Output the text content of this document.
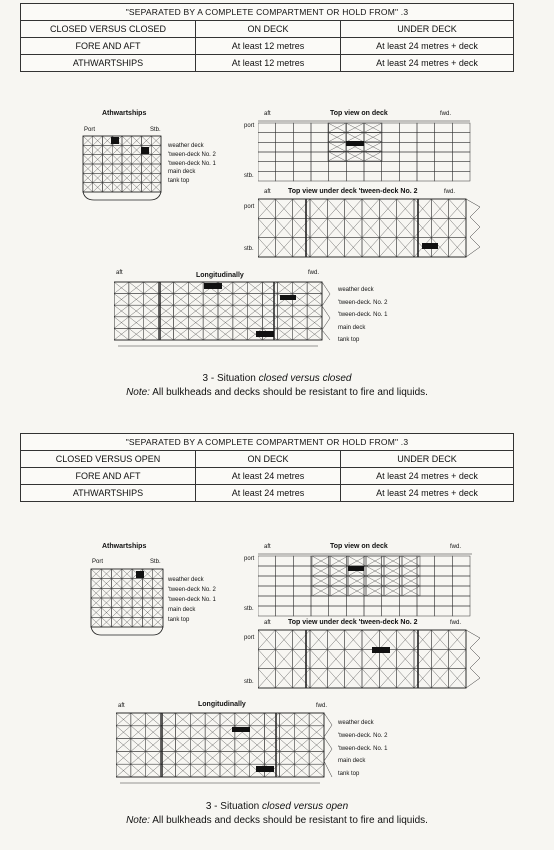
"SEPARATED BY A COMPLETE COMPARTMENT OR HOLD FROM" .3		
CLOSED VERSUS CLOSED	ON DECK	UNDER DECK
FORE AND AFT	At least 12 metres	At least 24 metres + deck
ATHWARTSHIPS	At least 12 metres	At least 24 metres + deck
Athwartships
Port	Stb.
weather deck
'tween-deck No. 2
'tween-deck No. 1
main deck
tank top
aft	Top view on deck	fwd.
port
stb.
aft Top view under deck 'tween-deck No. 2	fwd.
port
stb.
aft	Longitudinally	fwd.
weather deck
'tween-deck. No. 2
'tween-deck. No. 1
main deck
tank top
3 - Situation closed versus closed
Note: All bulkheads and decks should be resistant to fire and liquids.
"SEPARATED BY A COMPLETE COMPARTMENT OR HOLD FROM" .3		
CLOSED VERSUS OPEN	ON DECK	UNDER DECK
FORE AND AFT	At least 24 metres	At least 24 metres + deck
ATHWARTSHIPS	At least 24 metres	At least 24 metres + deck
Athwartships
Port	Stb.
weather deck
'tween-deck No. 2
'tween-deck No. 1
main deck
tank top
aft	Top view on deck	fwd.
port
stb.
aft Top view under deck 'tween-deck No. 2	fwd.
port
stb.
aft	Longitudinally	fwd.
weather deck
'tween-deck. No. 2
'tween-deck. No. 1
main deck
tank top
3 - Situation closed versus open
Note: All bulkheads and decks should be resistant to fire and liquids.
